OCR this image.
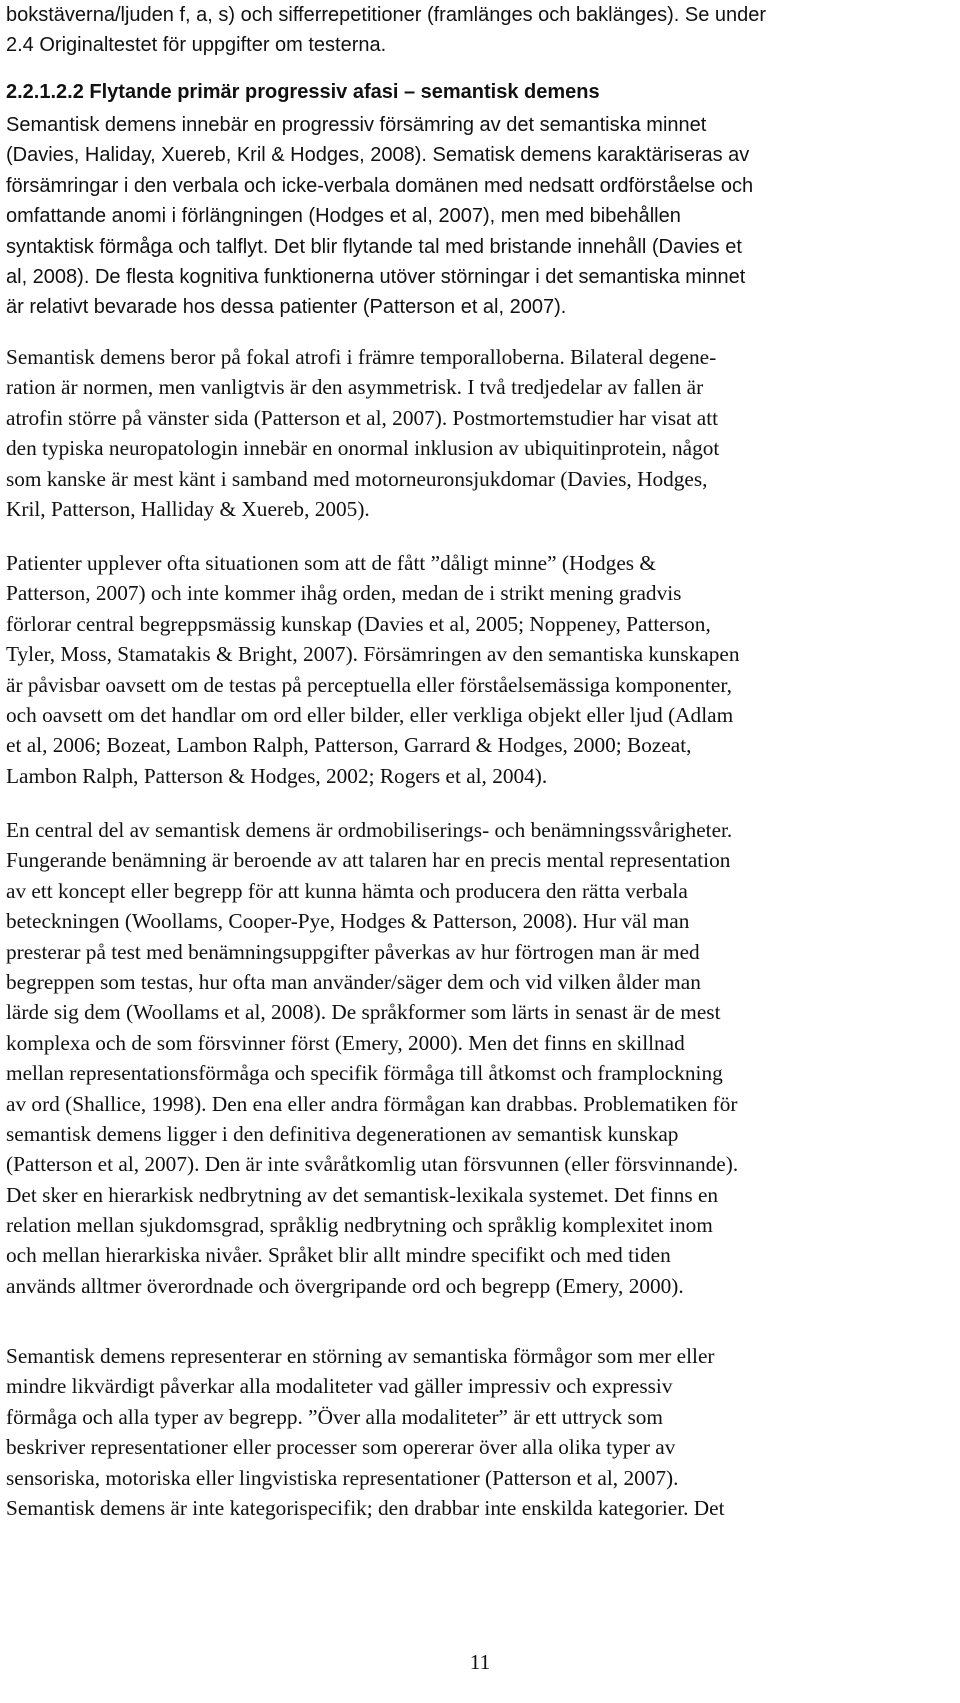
bokstäverna/ljuden f, a, s) och sifferrepetitioner (framlänges och baklänges). Se under
2.4 Originaltestet för uppgifter om testerna.
2.2.1.2.2 Flytande primär progressiv afasi – semantisk demens
Semantisk demens innebär en progressiv försämring av det semantiska minnet
(Davies, Haliday, Xuereb, Kril & Hodges, 2008). Sematisk demens karaktäriseras av
försämringar i den verbala och icke-verbala domänen med nedsatt ordförståelse och
omfattande anomi i förlängningen (Hodges et al, 2007), men med bibehållen
syntaktisk förmåga och talflyt. Det blir flytande tal med bristande innehåll (Davies et
al, 2008). De flesta kognitiva funktionerna utöver störningar i det semantiska minnet
är relativt bevarade hos dessa patienter (Patterson et al, 2007).
Semantisk demens beror på fokal atrofi i främre temporalloberna. Bilateral degene-
ration är normen, men vanligtvis är den asymmetrisk. I två tredjedelar av fallen är
atrofin större på vänster sida (Patterson et al, 2007). Postmortemstudier har visat att
den typiska neuropatologin innebär en onormal inklusion av ubiquitinprotein, något
som kanske är mest känt i samband med motorneuronsjukdomar (Davies, Hodges,
Kril, Patterson, Halliday & Xuereb, 2005).
Patienter upplever ofta situationen som att de fått ”dåligt minne” (Hodges &
Patterson, 2007) och inte kommer ihåg orden, medan de i strikt mening gradvis
förlorar central begreppsmässig kunskap (Davies et al, 2005; Noppeney, Patterson,
Tyler, Moss, Stamatakis & Bright, 2007). Försämringen av den semantiska kunskapen
är påvisbar oavsett om de testas på perceptuella eller förståelsemässiga komponenter,
och oavsett om det handlar om ord eller bilder, eller verkliga objekt eller ljud (Adlam
et al, 2006; Bozeat, Lambon Ralph, Patterson, Garrard & Hodges, 2000; Bozeat,
Lambon Ralph, Patterson & Hodges, 2002; Rogers et al, 2004).
En central del av semantisk demens är ordmobiliserings- och benämningssvårigheter.
Fungerande benämning är beroende av att talaren har en precis mental representation
av ett koncept eller begrepp för att kunna hämta och producera den rätta verbala
beteckningen (Woollams, Cooper-Pye, Hodges & Patterson, 2008). Hur väl man
presterar på test med benämningsuppgifter påverkas av hur förtrogen man är med
begreppen som testas, hur ofta man använder/säger dem och vid vilken ålder man
lärde sig dem (Woollams et al, 2008). De språkformer som lärts in senast är de mest
komplexa och de som försvinner först (Emery, 2000). Men det finns en skillnad
mellan representationsförmåga och specifik förmåga till åtkomst och framplockning
av ord (Shallice, 1998). Den ena eller andra förmågan kan drabbas. Problematiken för
semantisk demens ligger i den definitiva degenerationen av semantisk kunskap
(Patterson et al, 2007). Den är inte svåråtkomlig utan försvunnen (eller försvinnande).
Det sker en hierarkisk nedbrytning av det semantisk-lexikala systemet. Det finns en
relation mellan sjukdomsgrad, språklig nedbrytning och språklig komplexitet inom
och mellan hierarkiska nivåer. Språket blir allt mindre specifikt och med tiden
används alltmer överordnade och övergripande ord och begrepp (Emery, 2000).
Semantisk demens representerar en störning av semantiska förmågor som mer eller
mindre likvärdigt påverkar alla modaliteter vad gäller impressiv och expressiv
förmåga och alla typer av begrepp. ”Över alla modaliteter” är ett uttryck som
beskriver representationer eller processer som opererar över alla olika typer av
sensoriska, motoriska eller lingvistiska representationer (Patterson et al, 2007).
Semantisk demens är inte kategorispecifik; den drabbar inte enskilda kategorier. Det
11
